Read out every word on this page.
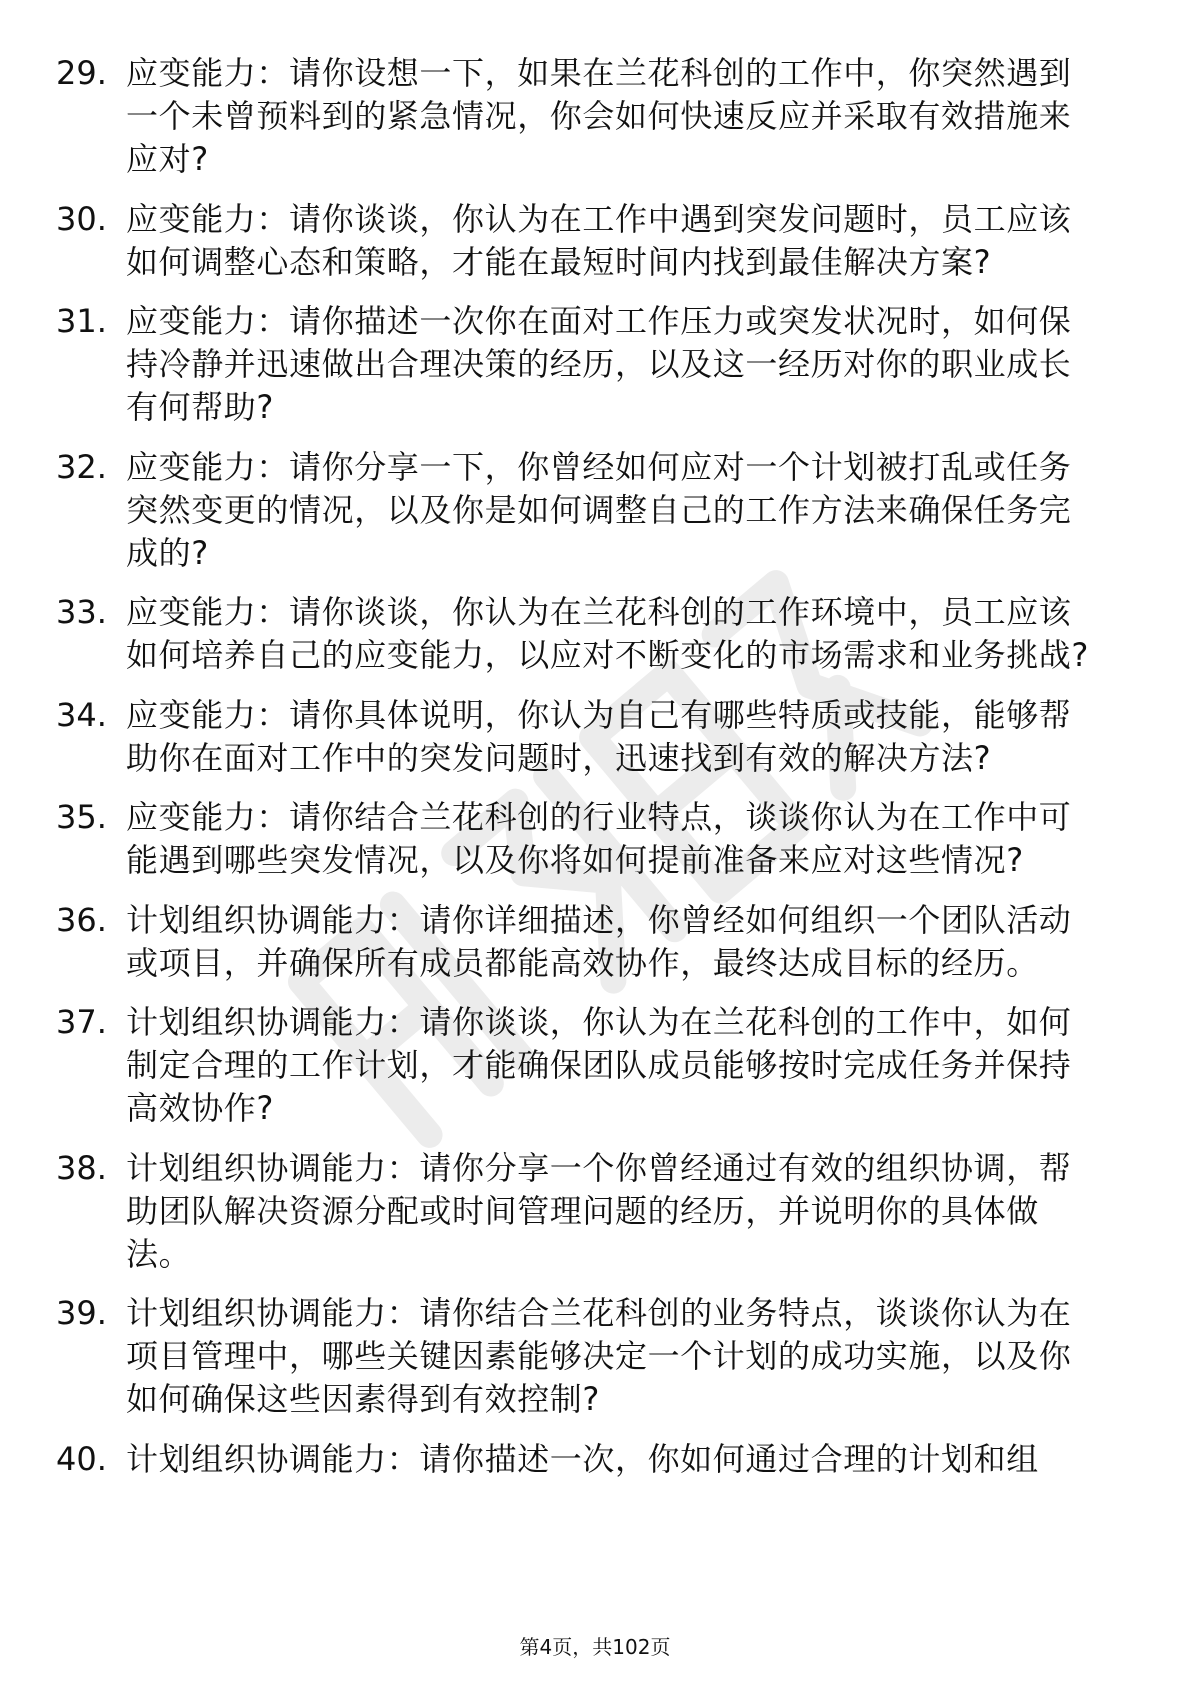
29. 应变能力：请你设想一下，如果在兰花科创的工作中，你突然遇到一个未曾预料到的紧急情况，你会如何快速反应并采取有效措施来应对?
30. 应变能力：请你谈谈，你认为在工作中遇到突发问题时，员工应该如何调整心态和策略，才能在最短时间内找到最佳解决方案?
31. 应变能力：请你描述一次你在面对工作压力或突发状况时，如何保持冷静并迅速做出合理决策的经历，以及这一经历对你的职业成长有何帮助?
32. 应变能力：请你分享一下，你曾经如何应对一个计划被打乱或任务突然变更的情况，以及你是如何调整自己的工作方法来确保任务完成的?
33. 应变能力：请你谈谈，你认为在兰花科创的工作环境中，员工应该如何培养自己的应变能力，以应对不断变化的市场需求和业务挑战?
34. 应变能力：请你具体说明，你认为自己有哪些特质或技能，能够帮助你在面对工作中的突发问题时，迅速找到有效的解决方法?
35. 应变能力：请你结合兰花科创的行业特点，谈谈你认为在工作中可能遇到哪些突发情况，以及你将如何提前准备来应对这些情况?
36. 计划组织协调能力：请你详细描述，你曾经如何组织一个团队活动或项目，并确保所有成员都能高效协作，最终达成目标的经历。
37. 计划组织协调能力：请你谈谈，你认为在兰花科创的工作中，如何制定合理的工作计划，才能确保团队成员能够按时完成任务并保持高效协作?
38. 计划组织协调能力：请你分享一个你曾经通过有效的组织协调，帮助团队解决资源分配或时间管理问题的经历，并说明你的具体做法。
39. 计划组织协调能力：请你结合兰花科创的业务特点，谈谈你认为在项目管理中，哪些关键因素能够决定一个计划的成功实施，以及你如何确保这些因素得到有效控制?
40. 计划组织协调能力：请你描述一次，你如何通过合理的计划和组
第4页，共102页
